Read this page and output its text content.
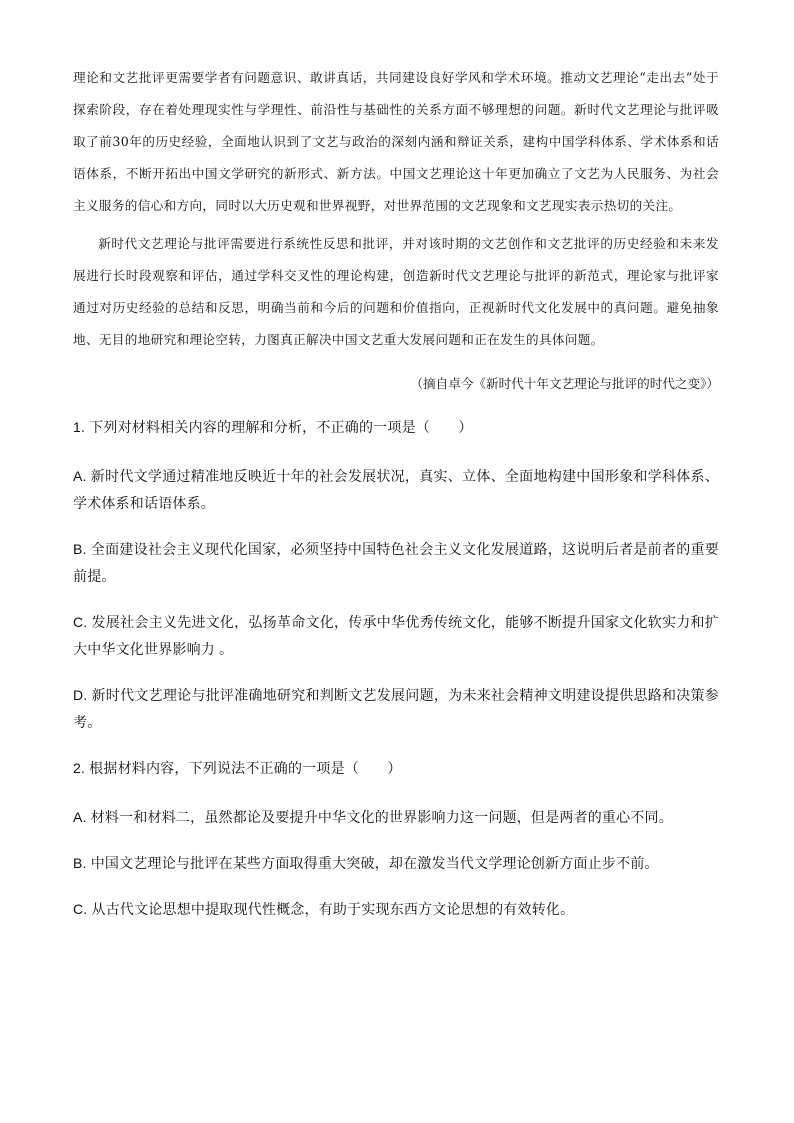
理论和文艺批评更需要学者有问题意识、敢讲真话，共同建设良好学风和学术环境。推动文艺理论“走出去”处于探索阶段，存在着处理现实性与学理性、前沿性与基础性的关系方面不够理想的问题。新时代文艺理论与批评吸取了前30年的历史经验，全面地认识到了文艺与政治的深刻内涵和辩证关系，建构中国学科体系、学术体系和话语体系，不断开拓出中国文学研究的新形式、新方法。中国文艺理论这十年更加确立了文艺为人民服务、为社会主义服务的信心和方向，同时以大历史观和世界视野，对世界范围的文艺现象和文艺现实表示热切的关注。

新时代文艺理论与批评需要进行系统性反思和批评，并对该时期的文艺创作和文艺批评的历史经验和未来发展进行长时段观察和评估，通过学科交叉性的理论构建，创造新时代文艺理论与批评的新范式，理论家与批评家通过对历史经验的总结和反思，明确当前和今后的问题和价值指向，正视新时代文化发展中的真问题。避免抽象地、无目的地研究和理论空转，力图真正解决中国文艺重大发展问题和正在发生的具体问题。

（摘自卓今《新时代十年文艺理论与批评的时代之变》）

1. 下列对材料相关内容的理解和分析，不正确的一项是（　　）

A. 新时代文学通过精准地反映近十年的社会发展状况，真实、立体、全面地构建中国形象和学科体系、学术体系和话语体系。

B. 全面建设社会主义现代化国家，必须坚持中国特色社会主义文化发展道路，这说明后者是前者的重要前提。

C. 发展社会主义先进文化，弘扬革命文化，传承中华优秀传统文化，能够不断提升国家文化软实力和扩大中华文化世界影响力 。

D. 新时代文艺理论与批评准确地研究和判断文艺发展问题，为未来社会精神文明建设提供思路和决策参考。

2. 根据材料内容，下列说法不正确的一项是（　　）

A. 材料一和材料二，虽然都论及要提升中华文化的世界影响力这一问题，但是两者的重心不同。

B. 中国文艺理论与批评在某些方面取得重大突破，却在激发当代文学理论创新方面止步不前。

C. 从古代文论思想中提取现代性概念，有助于实现东西方文论思想的有效转化。
